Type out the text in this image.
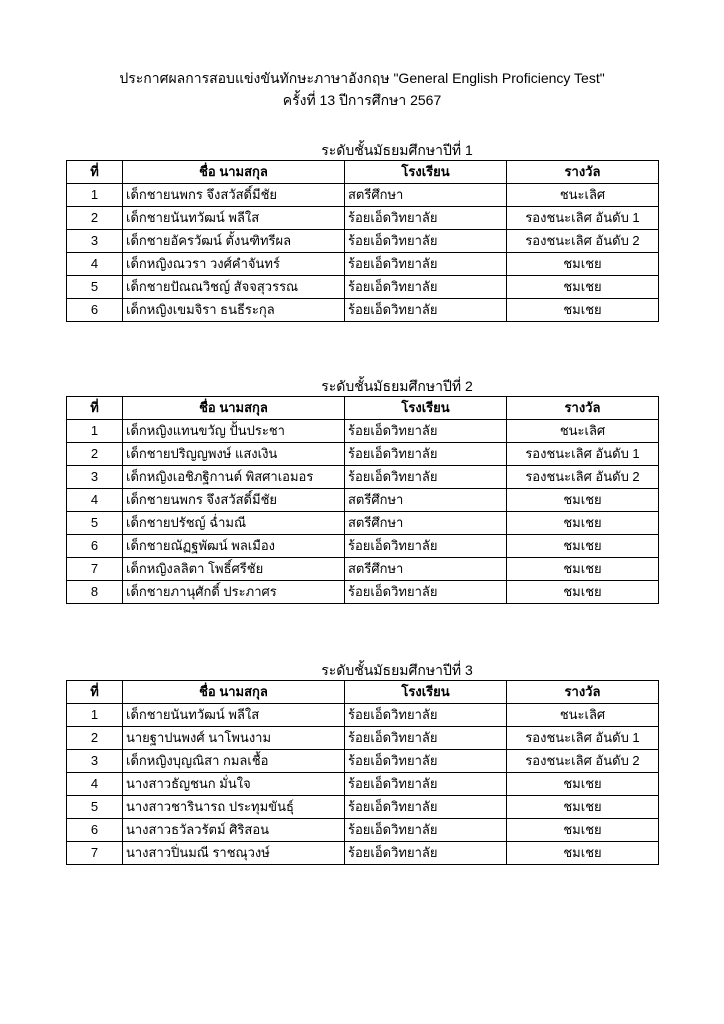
ประกาศผลการสอบแข่งขันทักษะภาษาอังกฤษ "General English Proficiency Test"
ครั้งที่ 13 ปีการศึกษา 2567
ระดับชั้นมัธยมศึกษาปีที่ 1
ที่	ชื่อ นามสกุล	โรงเรียน	รางวัล
1	เด็กชายนพกร จึงสวัสดิ์มีชัย	สตรีศึกษา	ชนะเลิศ
2	เด็กชายนันทวัฒน์ พลีใส	ร้อยเอ็ดวิทยาลัย	รองชนะเลิศ อันดับ 1
3	เด็กชายอัครวัฒน์ ตั้งนฑิทรีผล	ร้อยเอ็ดวิทยาลัย	รองชนะเลิศ อันดับ 2
4	เด็กหญิงณวรา วงศ์คำจันทร์	ร้อยเอ็ดวิทยาลัย	ชมเชย
5	เด็กชายปัณณวิชญ์ สัจจสุวรรณ	ร้อยเอ็ดวิทยาลัย	ชมเชย
6	เด็กหญิงเขมจิรา ธนธีระกุล	ร้อยเอ็ดวิทยาลัย	ชมเชย
ระดับชั้นมัธยมศึกษาปีที่ 2
ที่	ชื่อ นามสกุล	โรงเรียน	รางวัล
1	เด็กหญิงแทนขวัญ ปั้นประชา	ร้อยเอ็ดวิทยาลัย	ชนะเลิศ
2	เด็กชายปริญญพงษ์ แสงเงิน	ร้อยเอ็ดวิทยาลัย	รองชนะเลิศ อันดับ 1
3	เด็กหญิงเอชิภฐิกานต์ พิสศาเอมอร	ร้อยเอ็ดวิทยาลัย	รองชนะเลิศ อันดับ 2
4	เด็กชายนพกร จึงสวัสดิ์มีชัย	สตรีศึกษา	ชมเชย
5	เด็กชายปรัชญ์ ฉ่ำมณี	สตรีศึกษา	ชมเชย
6	เด็กชายณัฏฐพัฒน์ พลเมือง	ร้อยเอ็ดวิทยาลัย	ชมเชย
7	เด็กหญิงลลิตา โพธิ์ศรีชัย	สตรีศึกษา	ชมเชย
8	เด็กชายภานุศักดิ์ ประภาศร	ร้อยเอ็ดวิทยาลัย	ชมเชย
ระดับชั้นมัธยมศึกษาปีที่ 3
ที่	ชื่อ นามสกุล	โรงเรียน	รางวัล
1	เด็กชายนันทวัฒน์ พลีใส	ร้อยเอ็ดวิทยาลัย	ชนะเลิศ
2	นายฐาปนพงศ์ นาโพนงาม	ร้อยเอ็ดวิทยาลัย	รองชนะเลิศ อันดับ 1
3	เด็กหญิงบุญณิสา กมลเชื้อ	ร้อยเอ็ดวิทยาลัย	รองชนะเลิศ อันดับ 2
4	นางสาวธัญชนก มั่นใจ	ร้อยเอ็ดวิทยาลัย	ชมเชย
5	นางสาวชารินารถ ประทุมขันธุ์	ร้อยเอ็ดวิทยาลัย	ชมเชย
6	นางสาวธวัลวรัตม์ ศิริสอน	ร้อยเอ็ดวิทยาลัย	ชมเชย
7	นางสาวปิ่นมณี ราชณุวงษ์	ร้อยเอ็ดวิทยาลัย	ชมเชย
